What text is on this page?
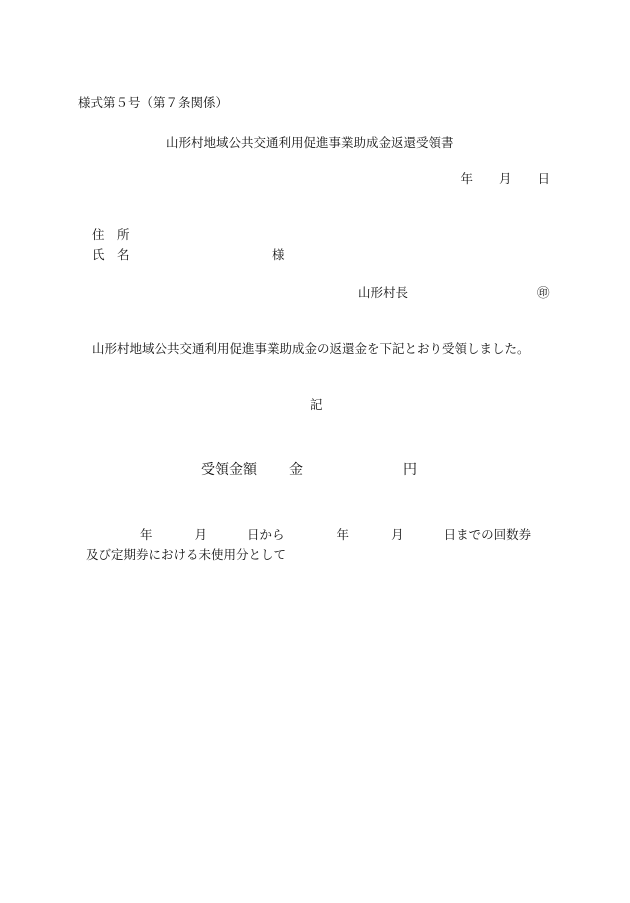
様式第５号（第７条関係）

山形村地域公共交通利用促進事業助成金返還受領書

年 月 日

住　所

氏　名	様

山形村長	㊞

山形村地域公共交通利用促進事業助成金の返還金を下記とおり受領しました。

記

受領金額 金	円

年	月	日から	年	月	日までの回数券

及び定期券における未使用分として
